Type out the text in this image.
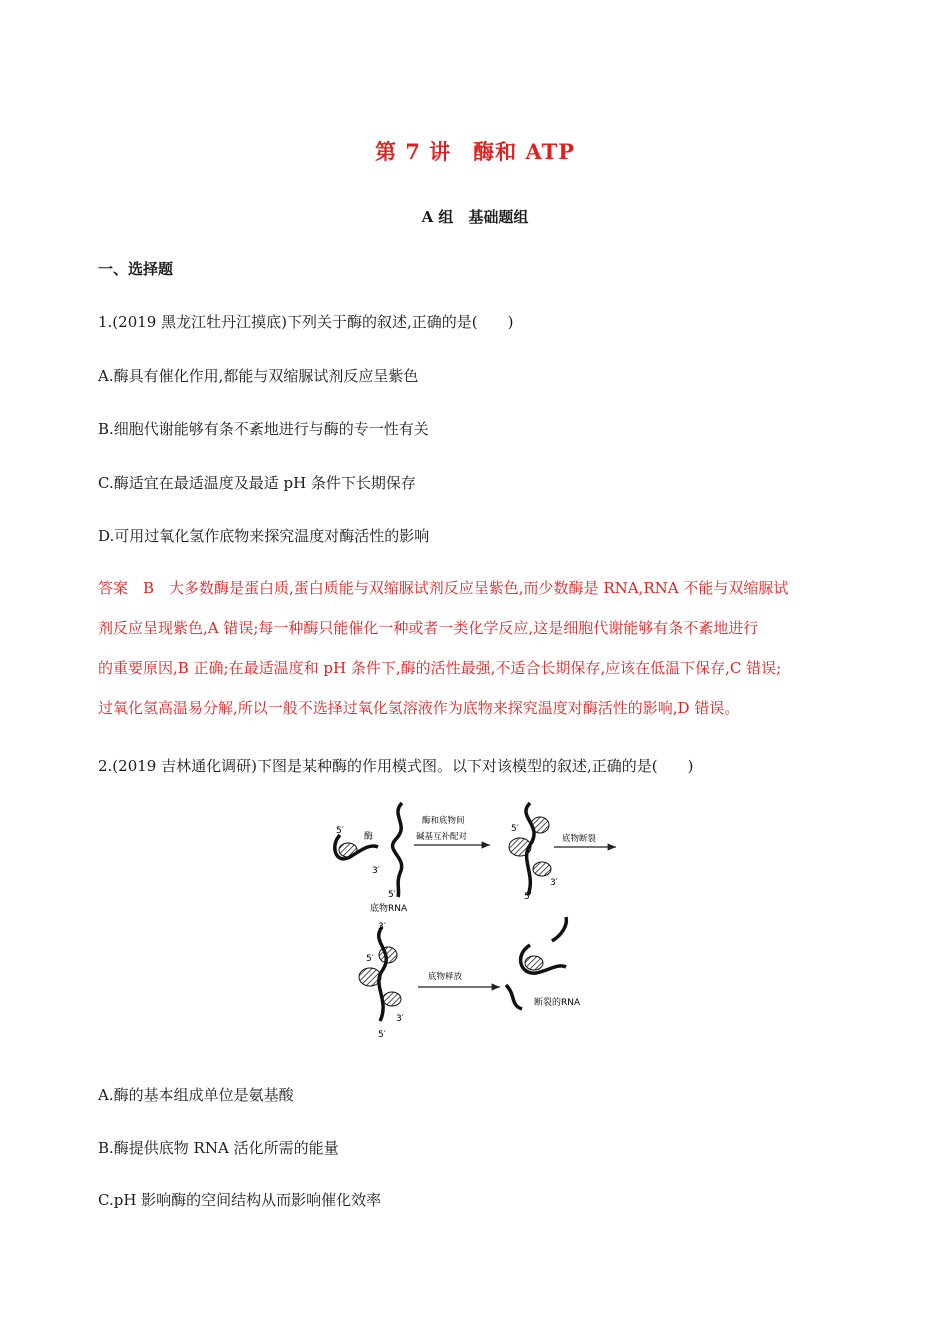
第 7 讲　酶和 ATP
A 组　基础题组
一、选择题
1.(2019 黑龙江牡丹江摸底)下列关于酶的叙述,正确的是(　　)
A.酶具有催化作用,都能与双缩脲试剂反应呈紫色
B.细胞代谢能够有条不紊地进行与酶的专一性有关
C.酶适宜在最适温度及最适 pH 条件下长期保存
D.可用过氧化氢作底物来探究温度对酶活性的影响

答案　B　大多数酶是蛋白质,蛋白质能与双缩脲试剂反应呈紫色,而少数酶是 RNA,RNA 不能与双缩脲试

剂反应呈现紫色,A 错误;每一种酶只能催化一种或者一类化学反应,这是细胞代谢能够有条不紊地进行

的重要原因,B 正确;在最适温度和 pH 条件下,酶的活性最强,不适合长期保存,应该在低温下保存,C 错误;

过氧化氢高温易分解,所以一般不选择过氧化氢溶液作为底物来探究温度对酶活性的影响,D 错误。

2.(2019 吉林通化调研)下图是某种酶的作用模式图。以下对该模型的叙述,正确的是(　　)
5′
酶
3′
5′
底物RNA
酶和底物间
碱基互补配对
5′
3′
5′
底物断裂
3′
5′
3′
5′
底物释放
断裂的RNA
A.酶的基本组成单位是氨基酸
B.酶提供底物 RNA 活化所需的能量
C.pH 影响酶的空间结构从而影响催化效率
